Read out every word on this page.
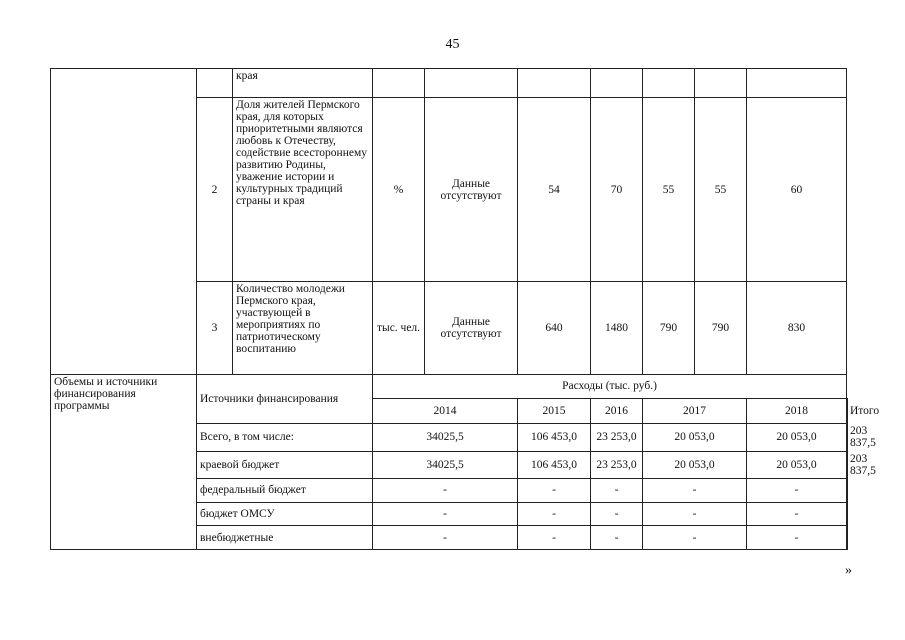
45
		края								
	2	Доля жителей Пермского края, для которых приоритетными являются любовь к Отечеству, содействие всестороннему развитию Родины, уважение истории и культурных традиций страны и края	%	Данные отсутствуют	54	70	55	55	60	
	3	Количество молодежи Пермского края, участвующей в мероприятиях по патриотическому воспитанию	тыс. чел.	Данные отсутствуют	640	1480	790	790	830	
Объемы и источники финансирования программы	Источники финансирования		Расходы (тыс. руб.)							
			2014		2015	2016	2017		2018	Итого
	Всего, в том числе:		34025,5		106 453,0	23 253,0	20 053,0		20 053,0	203 837,5
	краевой бюджет		34025,5		106 453,0	23 253,0	20 053,0		20 053,0	203 837,5
	федеральный бюджет		-		-	-	-		-	
	бюджет ОМСУ		-		-	-	-		-	
	внебюджетные		-		-	-	-		-	
»
